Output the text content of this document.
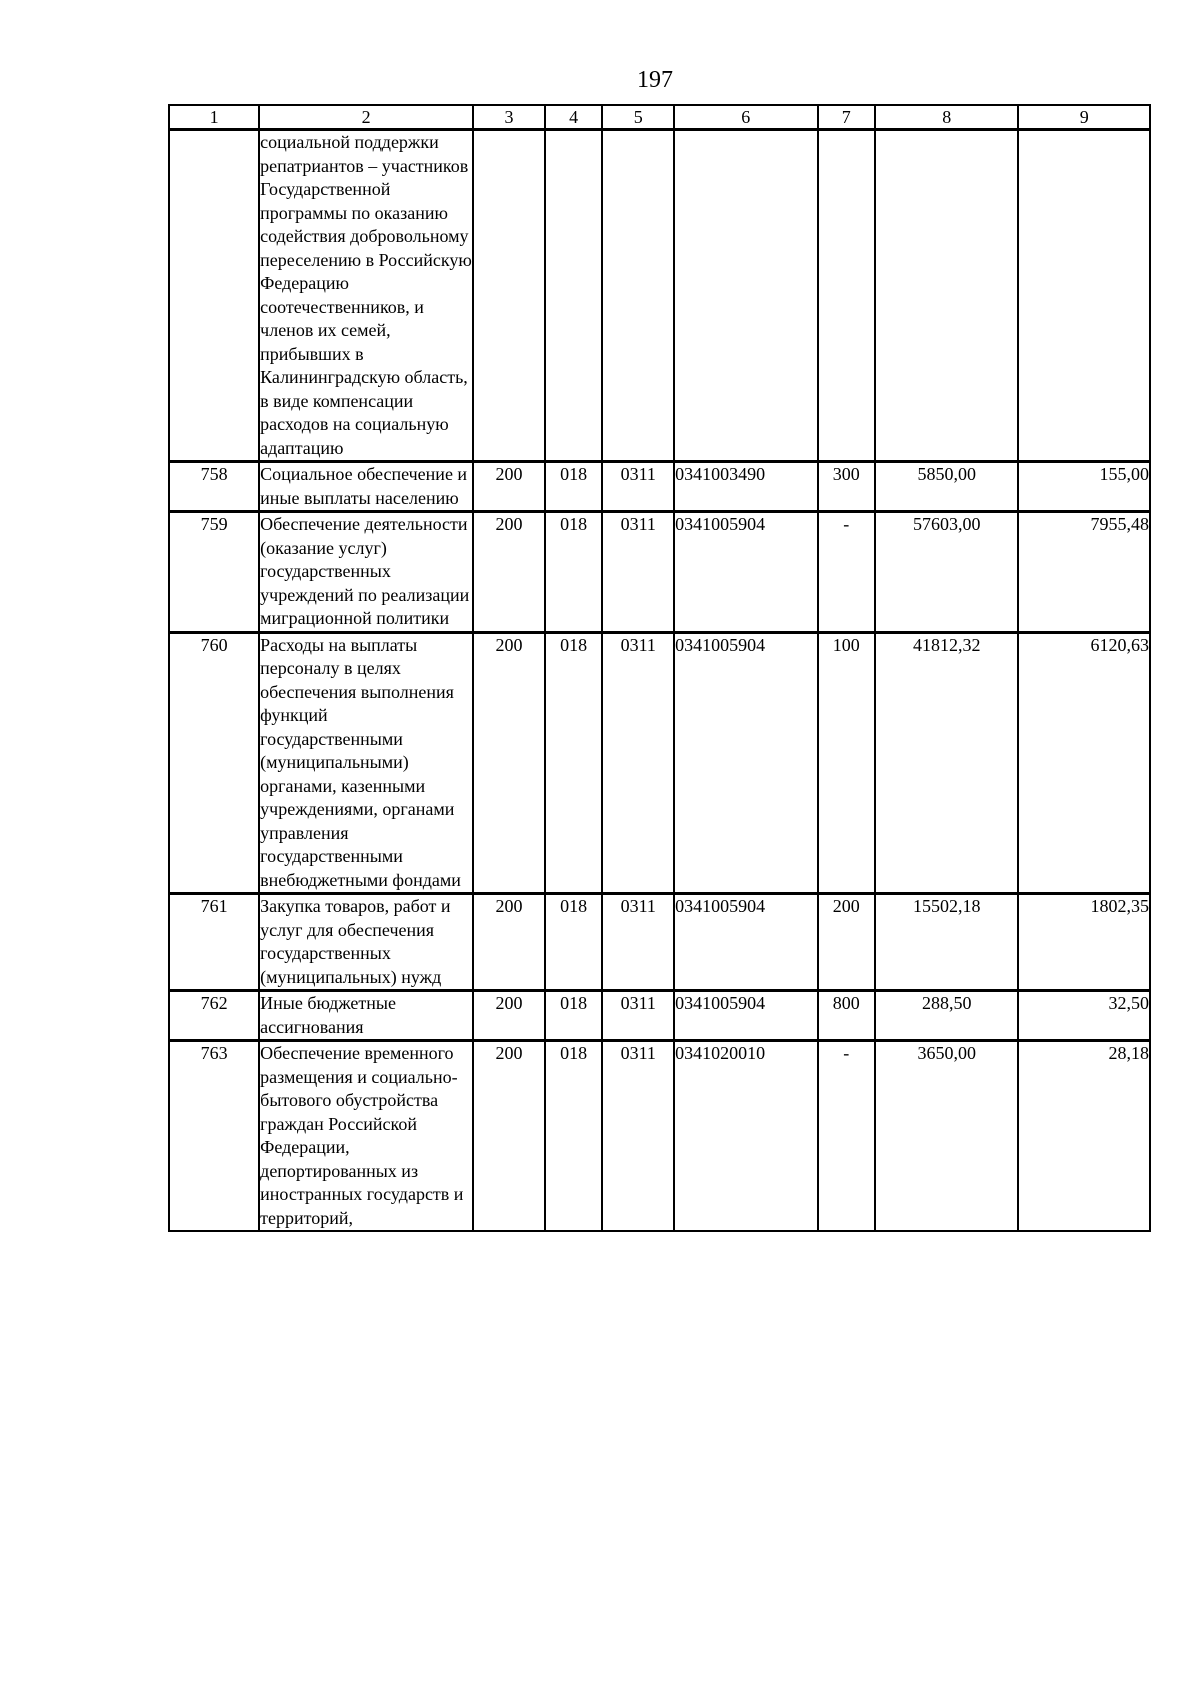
197
1	2	3	4	5	6	7	8	9
	социальной поддержки репатриантов – участников Государственной программы по оказанию содействия добровольному переселению в Российскую Федерацию соотечественников, и членов их семей, прибывших в Калининградскую область, в виде компенсации расходов на социальную адаптацию							
758	Социальное обеспечение и иные выплаты населению	200	018	0311	0341003490	300	5850,00	155,00
759	Обеспечение деятельности (оказание услуг) государственных учреждений по реализации миграционной политики	200	018	0311	0341005904	-	57603,00	7955,48
760	Расходы на выплаты персоналу в целях обеспечения выполнения функций государственными (муниципальными) органами, казенными учреждениями, органами управления государственными внебюджетными фондами	200	018	0311	0341005904	100	41812,32	6120,63
761	Закупка товаров, работ и услуг для обеспечения государственных (муниципальных) нужд	200	018	0311	0341005904	200	15502,18	1802,35
762	Иные бюджетные ассигнования	200	018	0311	0341005904	800	288,50	32,50
763	Обеспечение временного размещения и социально-бытового обустройства граждан Российской Федерации, депортированных из иностранных государств и территорий,	200	018	0311	0341020010	-	3650,00	28,18
